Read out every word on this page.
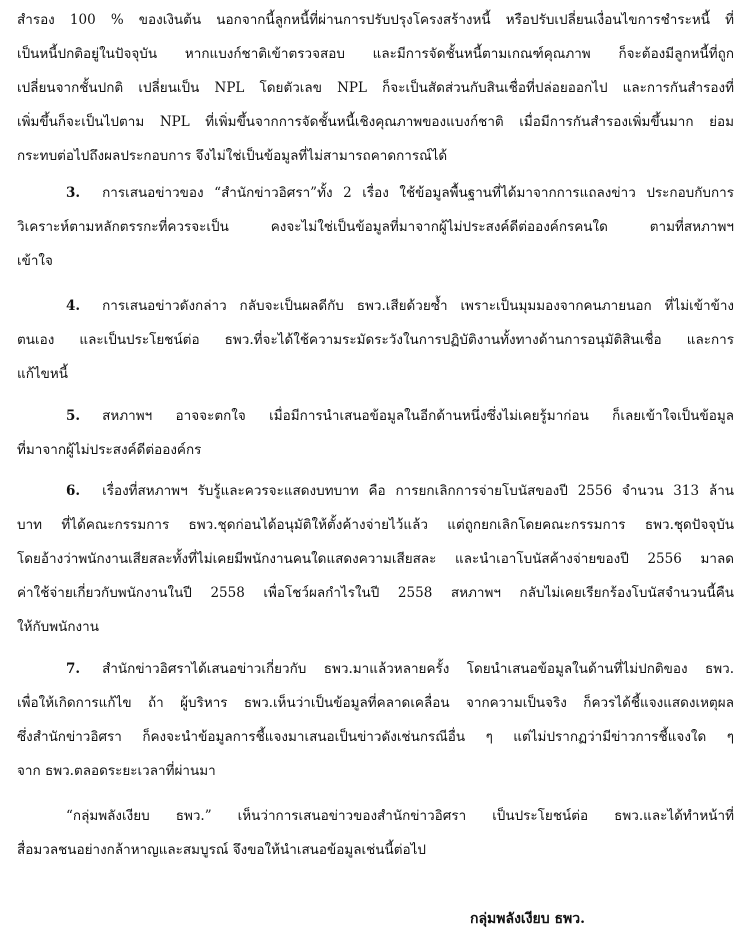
สำรอง 100 % ของเงินต้น นอกจากนี้ลูกหนี้ที่ผ่านการปรับปรุงโครงสร้างหนี้ หรือปรับเปลี่ยนเงื่อนไขการชำระหนี้ ที่
เป็นหนี้ปกติอยู่ในปัจจุบัน หากแบงก์ชาติเข้าตรวจสอบ และมีการจัดชั้นหนี้ตามเกณฑ์คุณภาพ ก็จะต้องมีลูกหนี้ที่ถูก
เปลี่ยนจากชั้นปกติ เปลี่ยนเป็น NPL โดยตัวเลข NPL ก็จะเป็นสัดส่วนกับสินเชื่อที่ปล่อยออกไป และการกันสำรองที่
เพิ่มขึ้นก็จะเป็นไปตาม NPL ที่เพิ่มขึ้นจากการจัดชั้นหนี้เชิงคุณภาพของแบงก์ชาติ เมื่อมีการกันสำรองเพิ่มขึ้นมาก ย่อม
กระทบต่อไปถึงผลประกอบการ จึงไม่ใช่เป็นข้อมูลที่ไม่สามารถคาดการณ์ได้
3. การเสนอข่าวของ “สำนักข่าวอิศรา”ทั้ง 2 เรื่อง ใช้ข้อมูลพื้นฐานที่ได้มาจากการแถลงข่าว ประกอบกับการ
วิเคราะห์ตามหลักตรรกะที่ควรจะเป็น คงจะไม่ใช่เป็นข้อมูลที่มาจากผู้ไม่ประสงค์ดีต่อองค์กรคนใด ตามที่สหภาพฯ
เข้าใจ
4. การเสนอข่าวดังกล่าว กลับจะเป็นผลดีกับ ธพว.เสียด้วยซ้ำ เพราะเป็นมุมมองจากคนภายนอก ที่ไม่เข้าข้าง
ตนเอง และเป็นประโยชน์ต่อ ธพว.ที่จะได้ใช้ความระมัดระวังในการปฏิบัติงานทั้งทางด้านการอนุมัติสินเชื่อ และการ
แก้ไขหนี้
5. สหภาพฯ อาจจะตกใจ เมื่อมีการนำเสนอข้อมูลในอีกด้านหนึ่งซึ่งไม่เคยรู้มาก่อน ก็เลยเข้าใจเป็นข้อมูล
ที่มาจากผู้ไม่ประสงค์ดีต่อองค์กร
6. เรื่องที่สหภาพฯ รับรู้และควรจะแสดงบทบาท คือ การยกเลิกการจ่ายโบนัสของปี 2556 จำนวน 313 ล้าน
บาท ที่ได้คณะกรรมการ ธพว.ชุดก่อนได้อนุมัติให้ตั้งค้างจ่ายไว้แล้ว แต่ถูกยกเลิกโดยคณะกรรมการ ธพว.ชุดปัจจุบัน
โดยอ้างว่าพนักงานเสียสละทั้งที่ไม่เคยมีพนักงานคนใดแสดงความเสียสละ และนำเอาโบนัสค้างจ่ายของปี 2556 มาลด
ค่าใช้จ่ายเกี่ยวกับพนักงานในปี 2558 เพื่อโชว์ผลกำไรในปี 2558 สหภาพฯ กลับไม่เคยเรียกร้องโบนัสจำนวนนี้คืน
ให้กับพนักงาน
7. สำนักข่าวอิศราได้เสนอข่าวเกี่ยวกับ ธพว.มาแล้วหลายครั้ง โดยนำเสนอข้อมูลในด้านที่ไม่ปกติของ ธพว.
เพื่อให้เกิดการแก้ไข ถ้า ผู้บริหาร ธพว.เห็นว่าเป็นข้อมูลที่คลาดเคลื่อน จากความเป็นจริง ก็ควรได้ชี้แจงแสดงเหตุผล
ซึ่งสำนักข่าวอิศรา ก็คงจะนำข้อมูลการชี้แจงมาเสนอเป็นข่าวดังเช่นกรณีอื่น ๆ แต่ไม่ปรากฏว่ามีข่าวการชี้แจงใด ๆ
จาก ธพว.ตลอดระยะเวลาที่ผ่านมา
“กลุ่มพลังเงียบ ธพว.” เห็นว่าการเสนอข่าวของสำนักข่าวอิศรา เป็นประโยชน์ต่อ ธพว.และได้ทำหน้าที่
สื่อมวลชนอย่างกล้าหาญและสมบูรณ์ จึงขอให้นำเสนอข้อมูลเช่นนี้ต่อไป
กลุ่มพลังเงียบ ธพว.
